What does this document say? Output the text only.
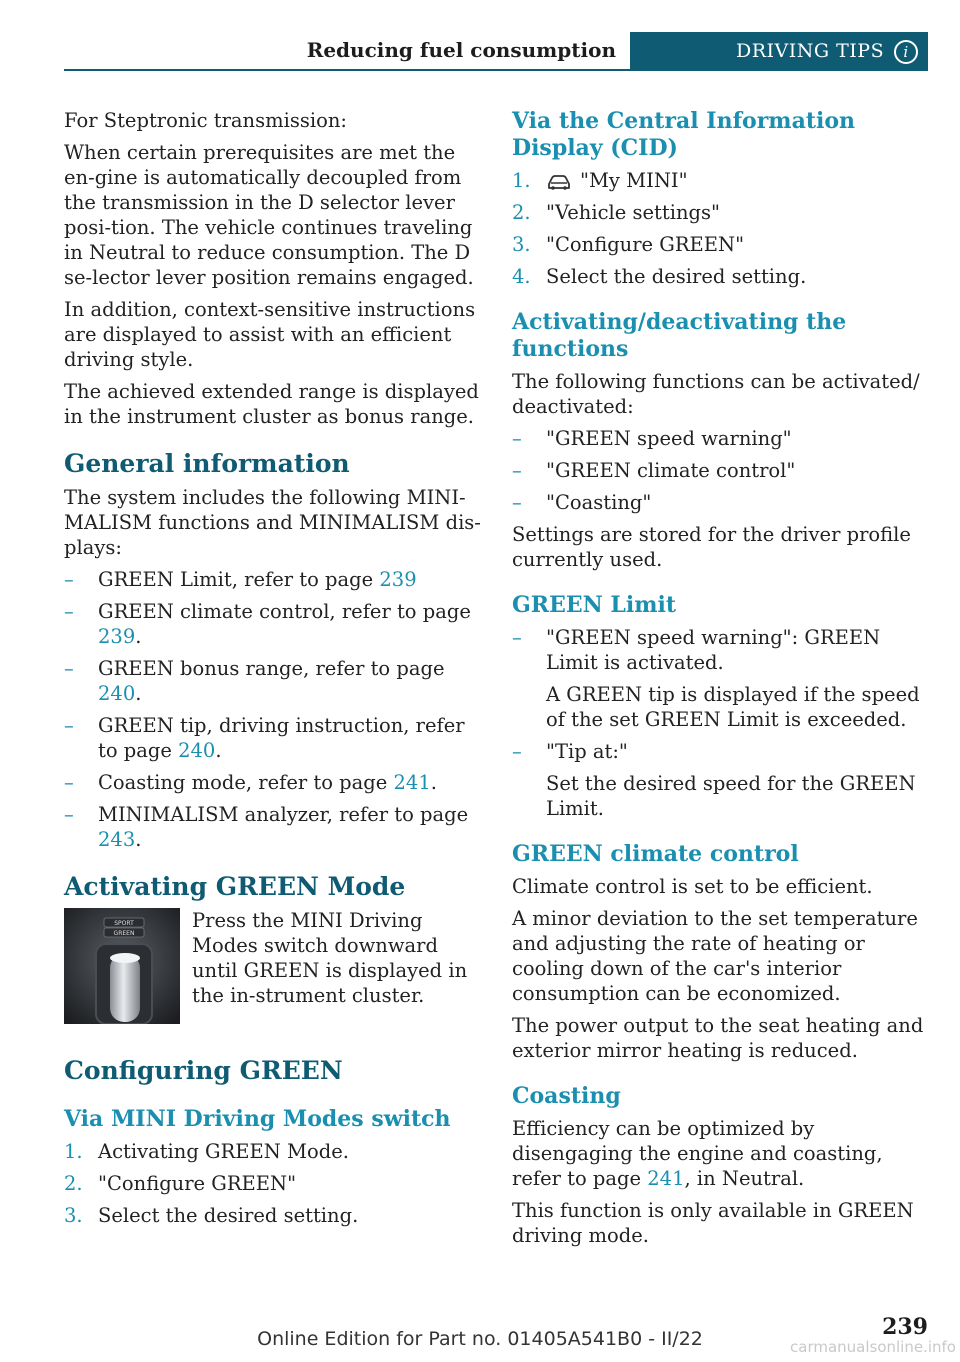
Reducing fuel consumption	DRIVING TIPS	i

For Steptronic transmission:

When certain prerequisites are met the en-gine is automatically decoupled from the transmission in the D selector lever posi-tion. The vehicle continues traveling in Neutral to reduce consumption. The D se-lector lever position remains engaged.

In addition, context-sensitive instructions are displayed to assist with an efficient driving style.

The achieved extended range is displayed in the instrument cluster as bonus range.

General information

The system includes the following MINI-MALISM functions and MINIMALISM dis-plays:

– GREEN Limit, refer to page 239
– GREEN climate control, refer to page 239.
– GREEN bonus range, refer to page 240.
– GREEN tip, driving instruction, refer to page 240.
– Coasting mode, refer to page 241.
– MINIMALISM analyzer, refer to page 243.
Activating GREEN Mode
SPORT
GREEN

Press the MINI Driving Modes switch downward until GREEN is displayed in the in-strument cluster.

Configuring GREEN
Via MINI Driving Modes switch
1. Activating GREEN Mode.
2. "Configure GREEN"
3. Select the desired setting.
Via the Central Information Display (CID)
1.	"My MINI"
2. "Vehicle settings"
3. "Configure GREEN"
4. Select the desired setting.
Activating/deactivating the functions

The following functions can be activated/ deactivated:

– "GREEN speed warning"
– "GREEN climate control"
– "Coasting"

Settings are stored for the driver profile currently used.

GREEN Limit
– "GREEN speed warning": GREEN Limit is activated.
A GREEN tip is displayed if the speed of the set GREEN Limit is exceeded.
– "Tip at:"
Set the desired speed for the GREEN Limit.
GREEN climate control

Climate control is set to be efficient.

A minor deviation to the set temperature and adjusting the rate of heating or cooling down of the car's interior consumption can be economized.

The power output to the seat heating and exterior mirror heating is reduced.

Coasting

Efficiency can be optimized by disengaging the engine and coasting, refer to page 241, in Neutral.

This function is only available in GREEN driving mode.

239
carmanualsonline.info
Online Edition for Part no. 01405A541B0 - II/22
